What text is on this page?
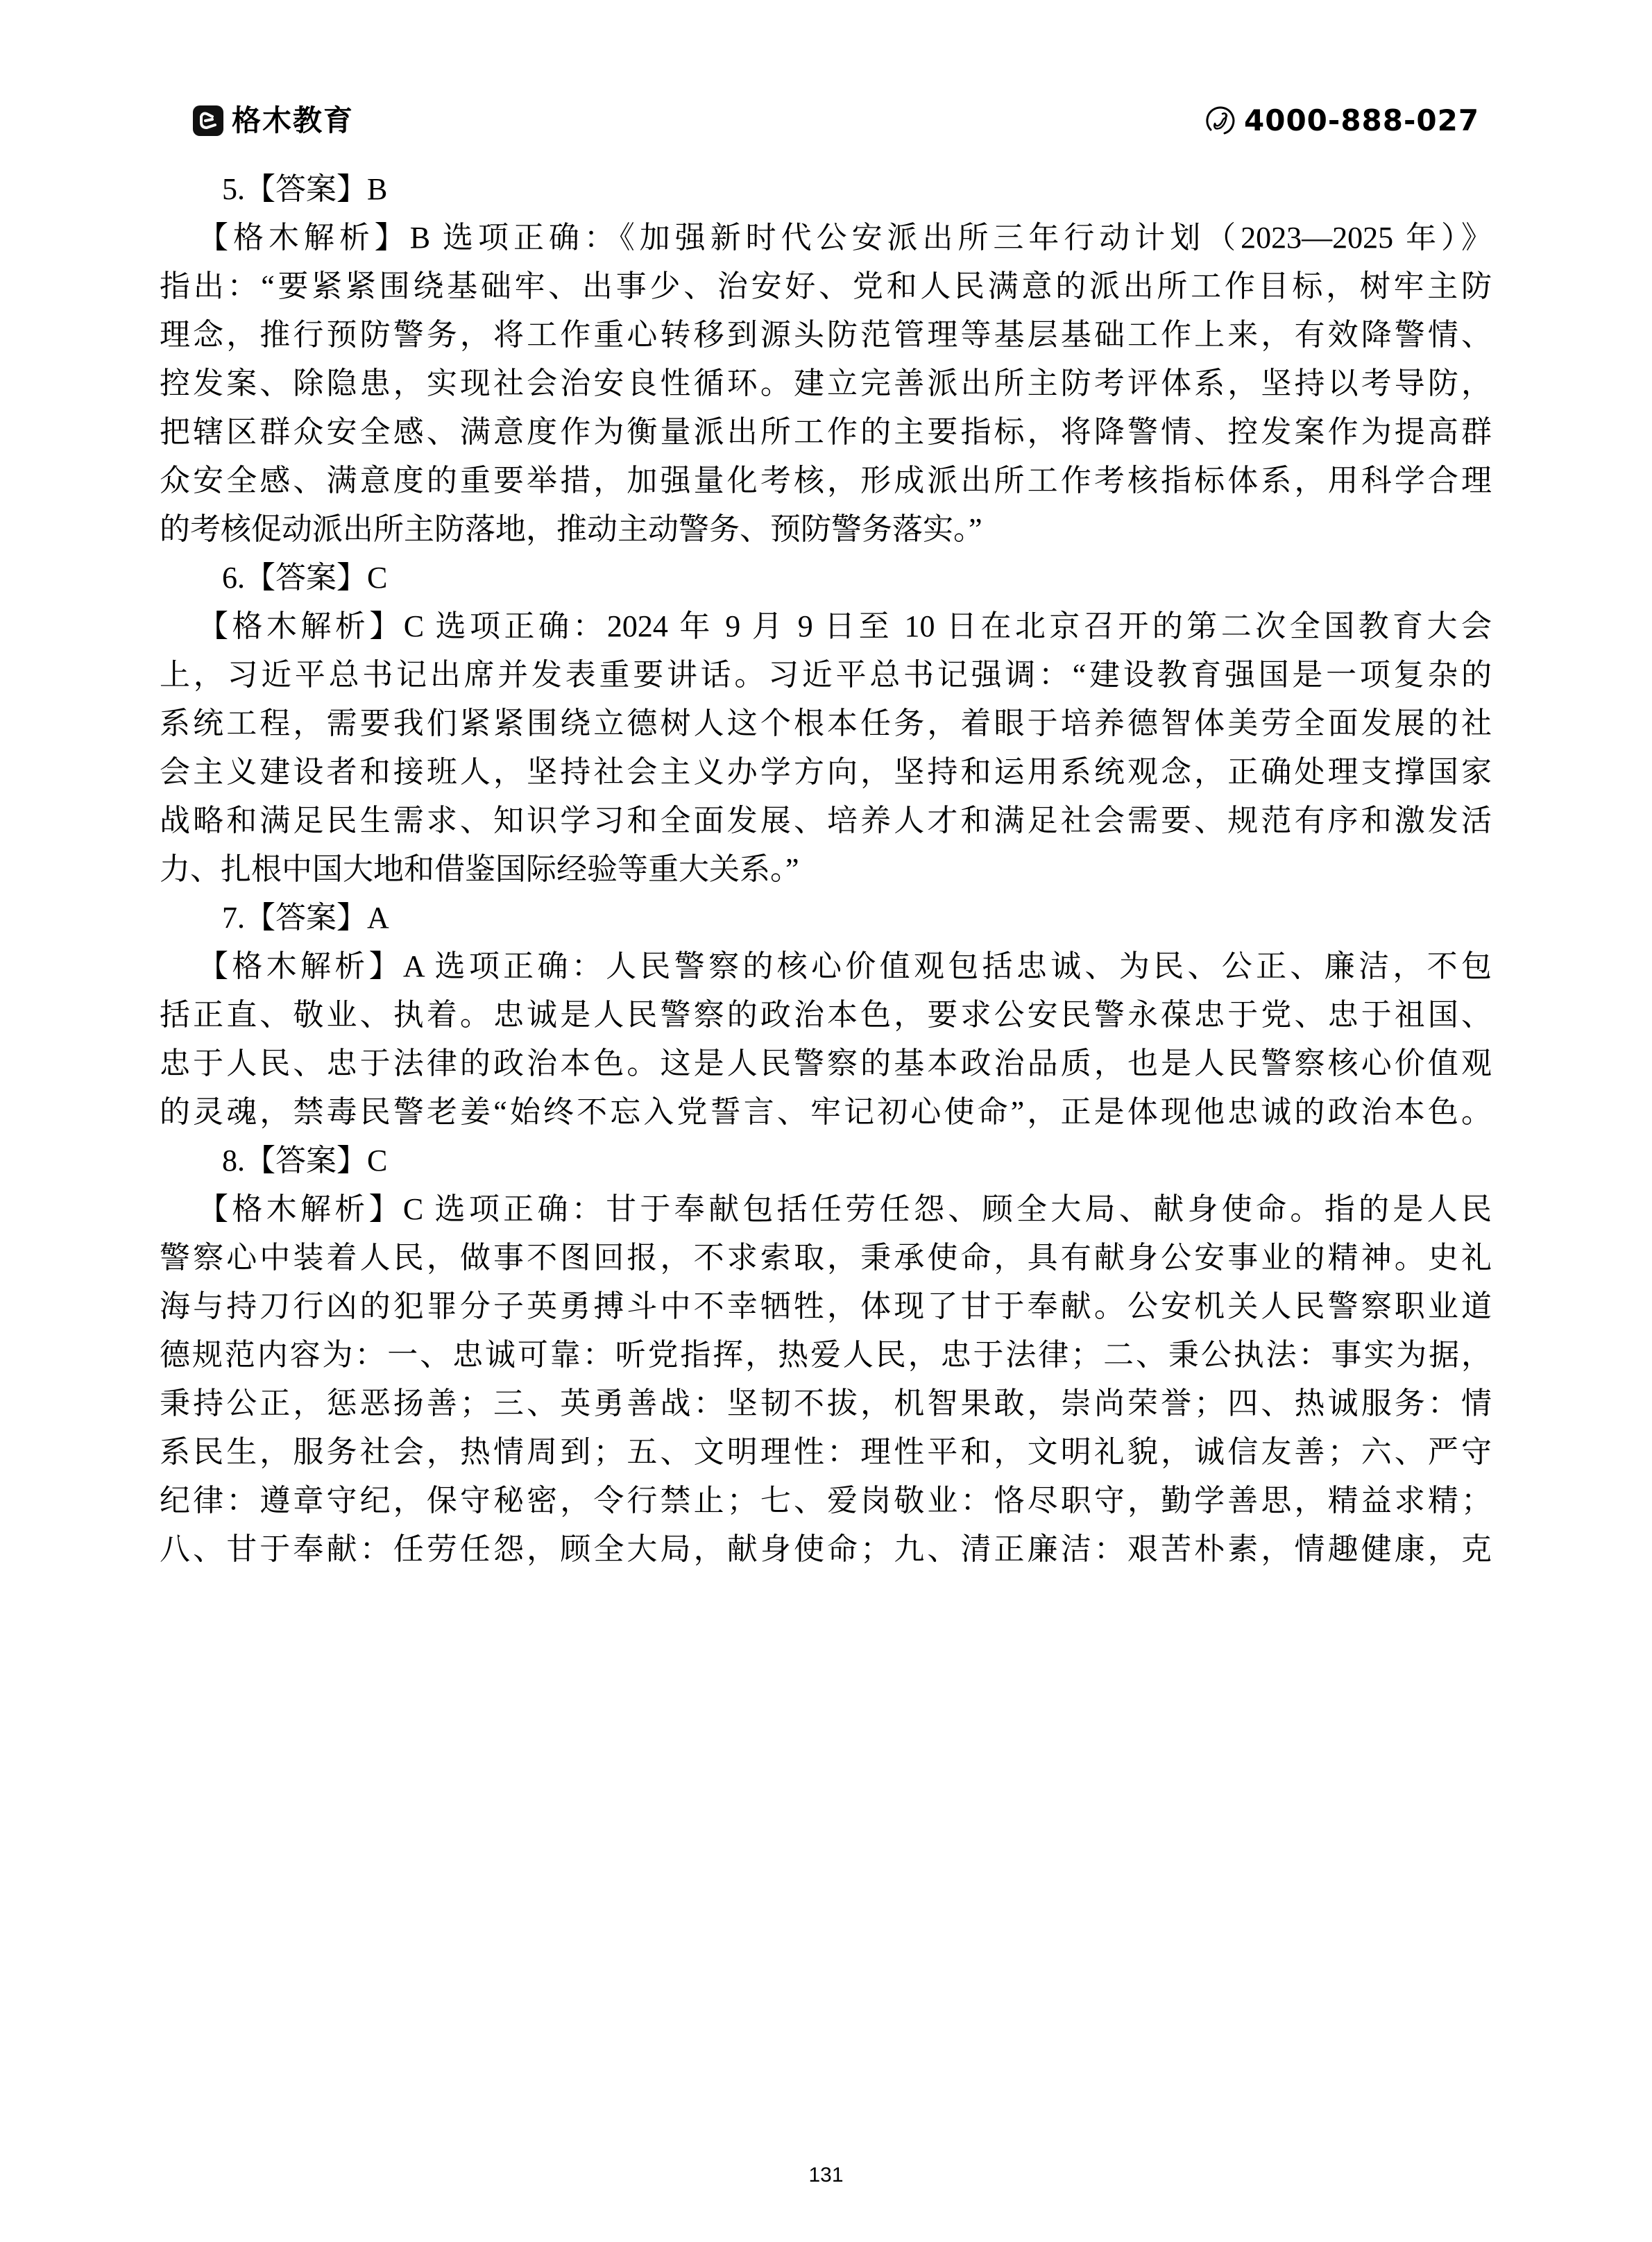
格木教育	4000-888-027
5.【答案】B
【格木解析】B 选项正确：《加强新时代公安派出所三年行动计划（2023—2025 年）》
指出：“要紧紧围绕基础牢、出事少、治安好、党和人民满意的派出所工作目标，树牢主防
理念，推行预防警务，将工作重心转移到源头防范管理等基层基础工作上来，有效降警情、
控发案、除隐患，实现社会治安良性循环。建立完善派出所主防考评体系，坚持以考导防，
把辖区群众安全感、满意度作为衡量派出所工作的主要指标，将降警情、控发案作为提高群
众安全感、满意度的重要举措，加强量化考核，形成派出所工作考核指标体系，用科学合理
的考核促动派出所主防落地，推动主动警务、预防警务落实。”
6.【答案】C
【格木解析】C 选项正确：2024 年 9 月 9 日至 10 日在北京召开的第二次全国教育大会
上，习近平总书记出席并发表重要讲话。习近平总书记强调：“建设教育强国是一项复杂的
系统工程，需要我们紧紧围绕立德树人这个根本任务，着眼于培养德智体美劳全面发展的社
会主义建设者和接班人，坚持社会主义办学方向，坚持和运用系统观念，正确处理支撑国家
战略和满足民生需求、知识学习和全面发展、培养人才和满足社会需要、规范有序和激发活
力、扎根中国大地和借鉴国际经验等重大关系。”
7.【答案】A
【格木解析】A 选项正确：人民警察的核心价值观包括忠诚、为民、公正、廉洁，不包
括正直、敬业、执着。忠诚是人民警察的政治本色，要求公安民警永葆忠于党、忠于祖国、
忠于人民、忠于法律的政治本色。这是人民警察的基本政治品质，也是人民警察核心价值观
的灵魂，禁毒民警老姜“始终不忘入党誓言、牢记初心使命”，正是体现他忠诚的政治本色。
8.【答案】C
【格木解析】C 选项正确：甘于奉献包括任劳任怨、顾全大局、献身使命。指的是人民
警察心中装着人民，做事不图回报，不求索取，秉承使命，具有献身公安事业的精神。史礼
海与持刀行凶的犯罪分子英勇搏斗中不幸牺牲，体现了甘于奉献。公安机关人民警察职业道
德规范内容为：一、忠诚可靠：听党指挥，热爱人民，忠于法律；二、秉公执法：事实为据，
秉持公正，惩恶扬善；三、英勇善战：坚韧不拔，机智果敢，崇尚荣誉；四、热诚服务：情
系民生，服务社会，热情周到；五、文明理性：理性平和，文明礼貌，诚信友善；六、严守
纪律：遵章守纪，保守秘密，令行禁止；七、爱岗敬业：恪尽职守，勤学善思，精益求精；
八、甘于奉献：任劳任怨，顾全大局，献身使命；九、清正廉洁：艰苦朴素，情趣健康，克
131
